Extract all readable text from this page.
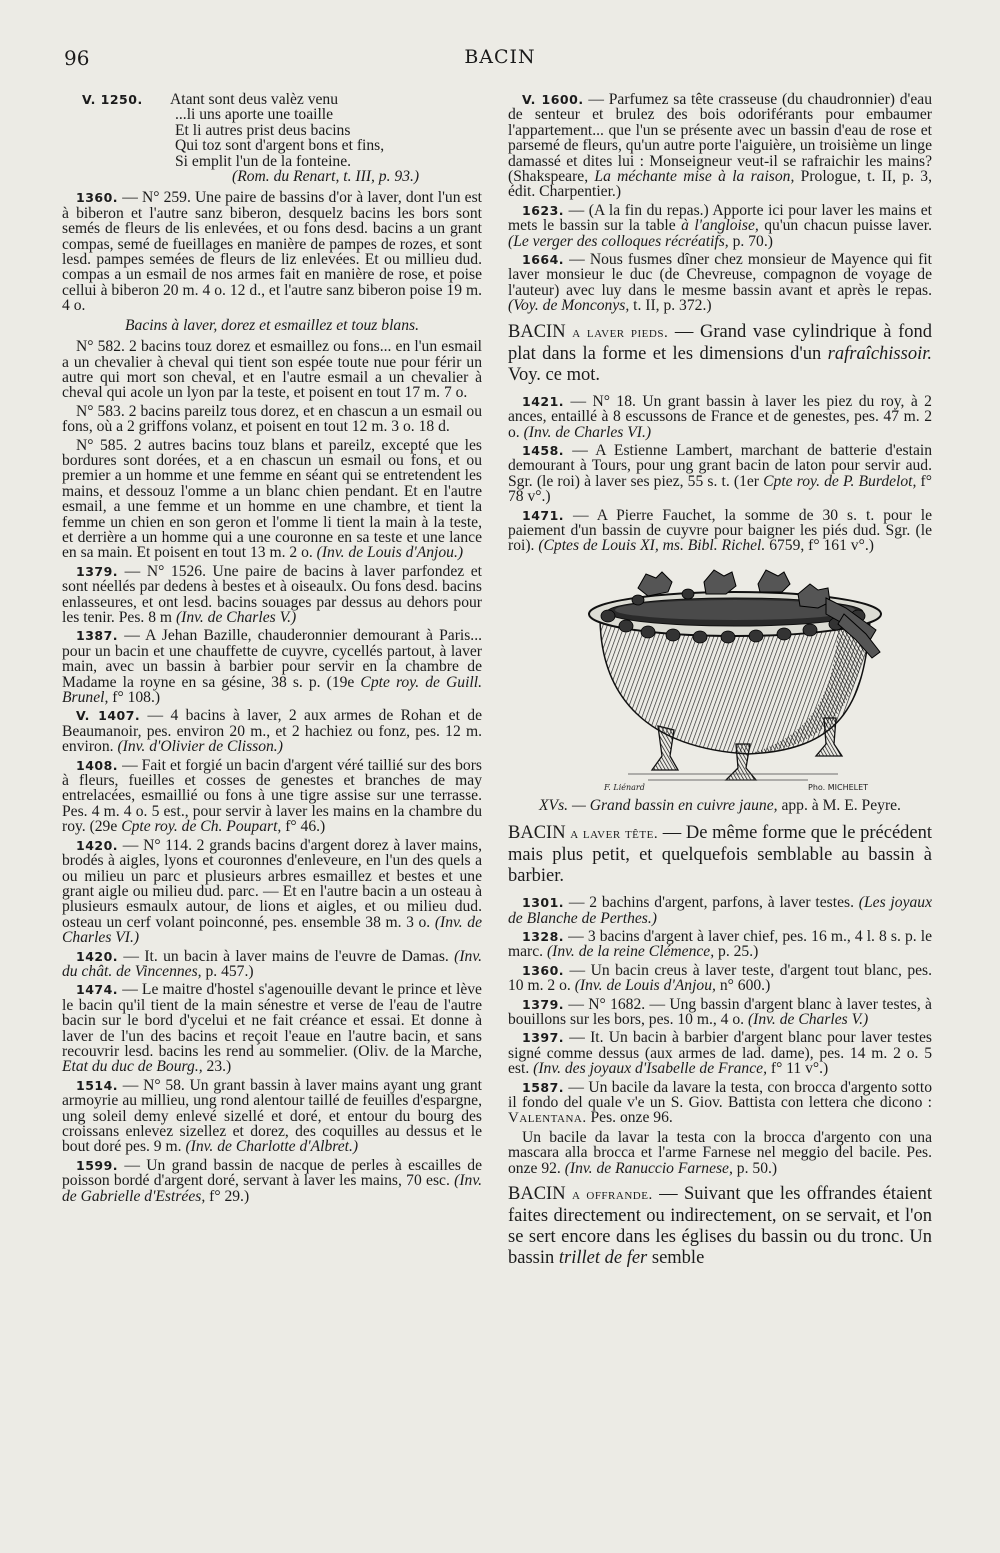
96	BACIN
V. 1250. Atant sont deus valèz venu
...li uns aporte une toaille
Et li autres prist deus bacins
Qui toz sont d'argent bons et fins,
Si emplit l'un de la fonteine.
(Rom. du Renart, t. III, p. 93.)

1360. — N° 259. Une paire de bassins d'or à laver, dont l'un est à biberon et l'autre sanz biberon, desquelz bacins les bors sont semés de fleurs de lis enlevées, et ou fons desd. bacins a un grant compas, semé de fueillages en manière de pampes de rozes, et sont lesd. pampes semées de fleurs de liz enlevées. Et ou millieu dud. compas a un esmail de nos armes fait en manière de rose, et poise cellui à biberon 20 m. 4 o. 12 d., et l'autre sanz biberon poise 19 m. 4 o.

Bacins à laver, dorez et esmaillez et touz blans.

N° 582. 2 bacins touz dorez et esmaillez ou fons... en l'un esmail a un chevalier à cheval qui tient son espée toute nue pour férir un autre qui mort son cheval, et en l'autre esmail a un chevalier à cheval qui acole un lyon par la teste, et poisent en tout 17 m. 7 o.

N° 583. 2 bacins pareilz tous dorez, et en chascun a un esmail ou fons, où a 2 griffons volanz, et poisent en tout 12 m. 3 o. 18 d.

N° 585. 2 autres bacins touz blans et pareilz, excepté que les bordures sont dorées, et a en chascun un esmail ou fons, et ou premier a un homme et une femme en séant qui se entretendent les mains, et dessouz l'omme a un blanc chien pendant. Et en l'autre esmail, a une femme et un homme en une chambre, et tient la femme un chien en son geron et l'omme li tient la main à la teste, et derrière a un homme qui a une couronne en sa teste et une lance en sa main. Et poisent en tout 13 m. 2 o. (Inv. de Louis d'Anjou.)

1379. — N° 1526. Une paire de bacins à laver parfondez et sont néellés par dedens à bestes et à oiseaulx. Ou fons desd. bacins enlasseures, et ont lesd. bacins souages par dessus au dehors pour les tenir. Pes. 8 m (Inv. de Charles V.)

1387. — A Jehan Bazille, chauderonnier demourant à Paris... pour un bacin et une chauffette de cuyvre, cycellés partout, à laver main, avec un bassin à barbier pour servir en la chambre de Madame la royne en sa gésine, 38 s. p. (19e Cpte roy. de Guill. Brunel, f° 108.)

V. 1407. — 4 bacins à laver, 2 aux armes de Rohan et de Beaumanoir, pes. environ 20 m., et 2 hachiez ou fonz, pes. 12 m. environ. (Inv. d'Olivier de Clisson.)

1408. — Fait et forgié un bacin d'argent véré taillié sur des bors à fleurs, fueilles et cosses de genestes et branches de may entrelacées, esmaillié ou fons à une tigre assise sur une terrasse. Pes. 4 m. 4 o. 5 est., pour servir à laver les mains en la chambre du roy. (29e Cpte roy. de Ch. Poupart, f° 46.)

1420. — N° 114. 2 grands bacins d'argent dorez à laver mains, brodés à aigles, lyons et couronnes d'enleveure, en l'un des quels a ou milieu un parc et plusieurs arbres esmaillez et bestes et une grant aigle ou milieu dud. parc. — Et en l'autre bacin a un osteau à plusieurs esmaulx autour, de lions et aigles, et ou milieu dud. osteau un cerf volant poinconné, pes. ensemble 38 m. 3 o. (Inv. de Charles VI.)

1420. — It. un bacin à laver mains de l'euvre de Damas. (Inv. du chât. de Vincennes, p. 457.)

1474. — Le maitre d'hostel s'agenouille devant le prince et lève le bacin qu'il tient de la main sénestre et verse de l'eau de l'autre bacin sur le bord d'ycelui et ne fait créance et essai. Et donne à laver de l'un des bacins et reçoit l'eaue en l'autre bacin, et sans recouvrir lesd. bacins les rend au sommelier. (Oliv. de la Marche, Etat du duc de Bourg., 23.)

1514. — N° 58. Un grant bassin à laver mains ayant ung grant armoyrie au millieu, ung rond alentour taillé de feuilles d'espargne, ung soleil demy enlevé sizellé et doré, et entour du bourg des croissans enlevez sizellez et dorez, des coquilles au dessus et le bout doré pes. 9 m. (Inv. de Charlotte d'Albret.)

1599. — Un grand bassin de nacque de perles à escailles de poisson bordé d'argent doré, servant à laver les mains, 70 esc. (Inv. de Gabrielle d'Estrées, f° 29.)

V. 1600. — Parfumez sa tête crasseuse (du chaudronnier) d'eau de senteur et brulez des bois odoriférants pour embaumer l'appartement... que l'un se présente avec un bassin d'eau de rose et parsemé de fleurs, qu'un autre porte l'aiguière, un troisième un linge damassé et dites lui : Monseigneur veut-il se rafraichir les mains? (Shakspeare, La méchante mise à la raison, Prologue, t. II, p. 3, édit. Charpentier.)

1623. — (A la fin du repas.) Apporte ici pour laver les mains et mets le bassin sur la table à l'angloise, qu'un chacun puisse laver. (Le verger des colloques récréatifs, p. 70.)

1664. — Nous fusmes dîner chez monsieur de Mayence qui fit laver monsieur le duc (de Chevreuse, compagnon de voyage de l'auteur) avec luy dans le mesme bassin avant et après le repas. (Voy. de Monconys, t. II, p. 372.)

BACIN a laver pieds. — Grand vase cylindrique à fond plat dans la forme et les dimensions d'un rafraîchissoir. Voy. ce mot.

1421. — N° 18. Un grant bassin à laver les piez du roy, à 2 ances, entaillé à 8 escussons de France et de genestes, pes. 47 m. 2 o. (Inv. de Charles VI.)

1458. — A Estienne Lambert, marchant de batterie d'estain demourant à Tours, pour ung grant bacin de laton pour servir aud. Sgr. (le roi) à laver ses piez, 55 s. t. (1er Cpte roy. de P. Burdelot, f° 78 v°.)

1471. — A Pierre Fauchet, la somme de 30 s. t. pour le paiement d'un bassin de cuyvre pour baigner les piés dud. Sgr. (le roi). (Cptes de Louis XI, ms. Bibl. Richel. 6759, f° 161 v°.)

F. Liénard	Pho. MICHELET

XVs. — Grand bassin en cuivre jaune, app. à M. E. Peyre.

BACIN a laver tête. — De même forme que le précédent mais plus petit, et quelquefois semblable au bassin à barbier.

1301. — 2 bachins d'argent, parfons, à laver testes. (Les joyaux de Blanche de Perthes.)

1328. — 3 bacins d'argent à laver chief, pes. 16 m., 4 l. 8 s. p. le marc. (Inv. de la reine Clémence, p. 25.)

1360. — Un bacin creus à laver teste, d'argent tout blanc, pes. 10 m. 2 o. (Inv. de Louis d'Anjou, n° 600.)

1379. — N° 1682. — Ung bassin d'argent blanc à laver testes, à bouillons sur les bors, pes. 10 m., 4 o. (Inv. de Charles V.)

1397. — It. Un bacin à barbier d'argent blanc pour laver testes signé comme dessus (aux armes de lad. dame), pes. 14 m. 2 o. 5 est. (Inv. des joyaux d'Isabelle de France, f° 11 v°.)

1587. — Un bacile da lavare la testa, con brocca d'argento sotto il fondo del quale v'e un S. Giov. Battista con lettera che dicono : Valentana. Pes. onze 96.

Un bacile da lavar la testa con la brocca d'argento con una mascara alla brocca et l'arme Farnese nel meggio del bacile. Pes. onze 92. (Inv. de Ranuccio Farnese, p. 50.)

BACIN a offrande. — Suivant que les offrandes étaient faites directement ou indirectement, on se servait, et l'on se sert encore dans les églises du bassin ou du tronc. Un bassin trillet de fer semble
